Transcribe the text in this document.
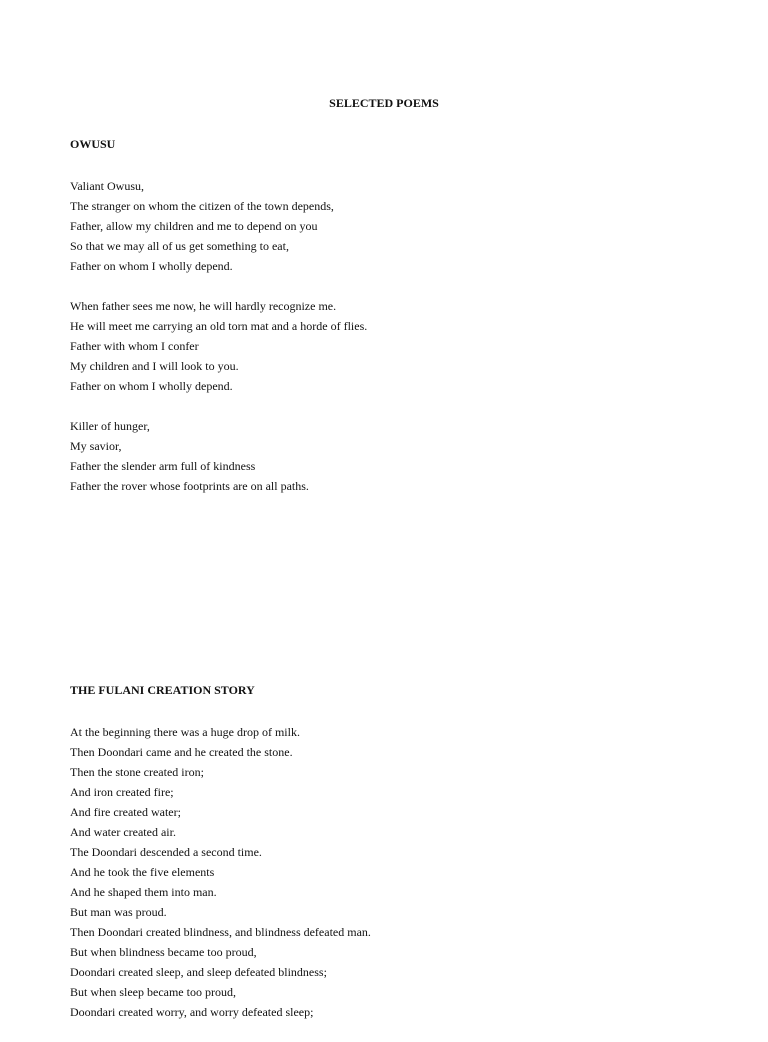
SELECTED POEMS
OWUSU
Valiant Owusu,
The stranger on whom the citizen of the town depends,
Father, allow my children and me to depend on you
So that we may all of us get something to eat,
Father on whom I wholly depend.
When father sees me now, he will hardly recognize me.
He will meet me carrying an old torn mat and a horde of flies.
Father with whom I confer
My children and I will look to you.
Father on whom I wholly depend.
Killer of hunger,
My savior,
Father the slender arm full of kindness
Father the rover whose footprints are on all paths.
THE FULANI CREATION STORY
At the beginning there was a huge drop of milk.
Then Doondari came and he created the stone.
Then the stone created iron;
And iron created fire;
And fire created water;
And water created air.
The Doondari descended a second time.
And he took the five elements
And he shaped them into man.
But man was proud.
Then Doondari created blindness, and blindness defeated man.
But when blindness became too proud,
Doondari created sleep, and sleep defeated blindness;
But when sleep became too proud,
Doondari created worry, and worry defeated sleep;
